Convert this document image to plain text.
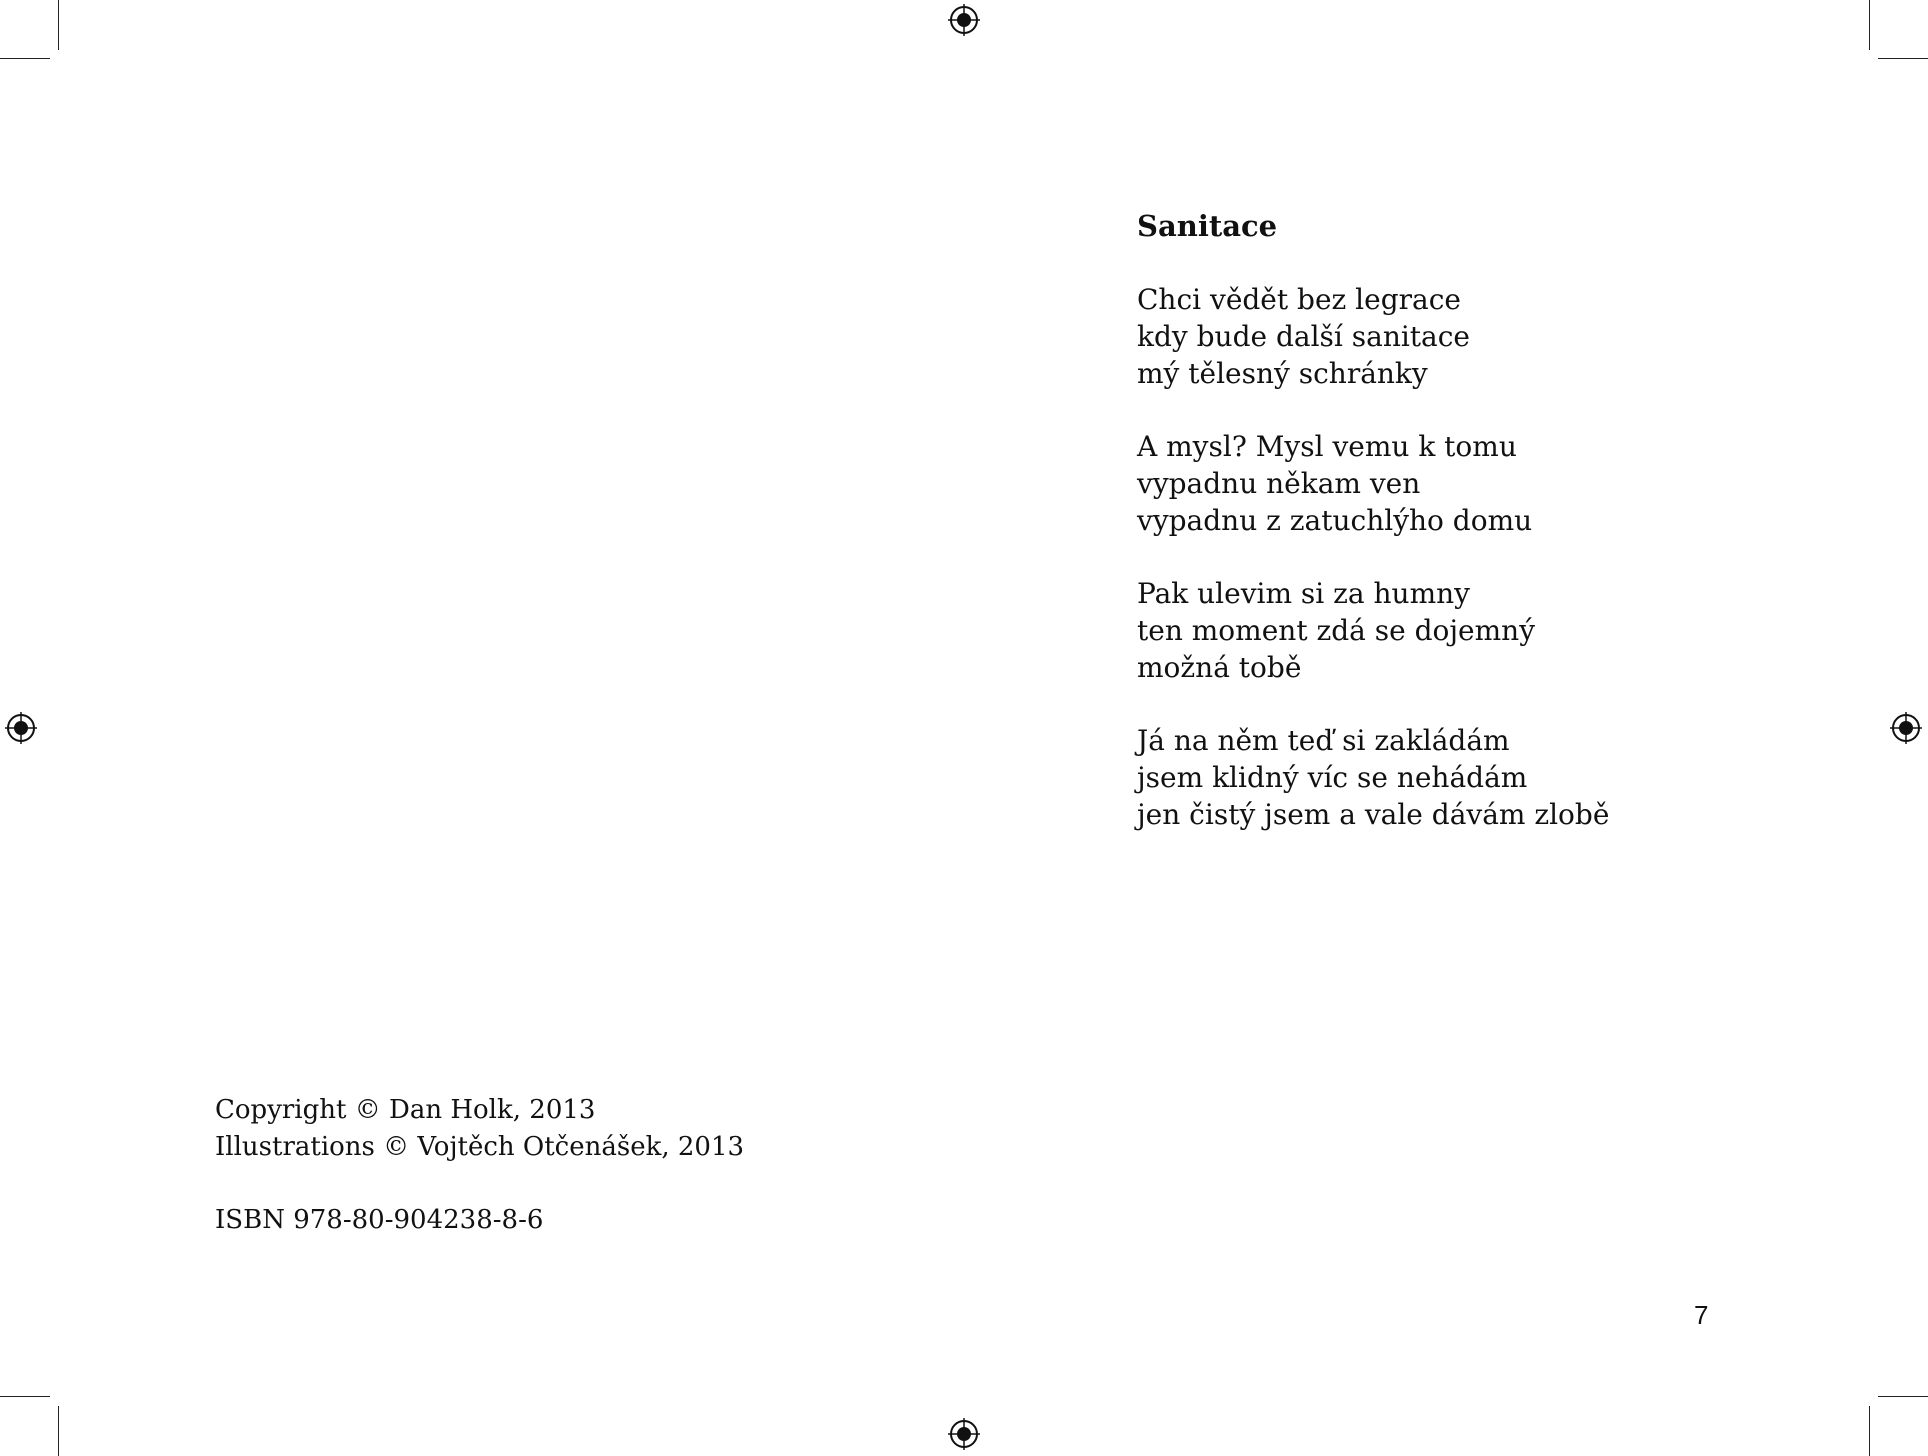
Sanitace
Chci vědět bez legrace
kdy bude další sanitace
mý tělesný schránky
A mysl? Mysl vemu k tomu
vypadnu někam ven
vypadnu z zatuchlýho domu
Pak ulevim si za humny
ten moment zdá se dojemný
možná tobě
Já na něm teď si zakládám
jsem klidný víc se nehádám
jen čistý jsem a vale dávám zlobě
Copyright © Dan Holk, 2013
Illustrations © Vojtěch Otčenášek, 2013
ISBN 978-80-904238-8-6
7
